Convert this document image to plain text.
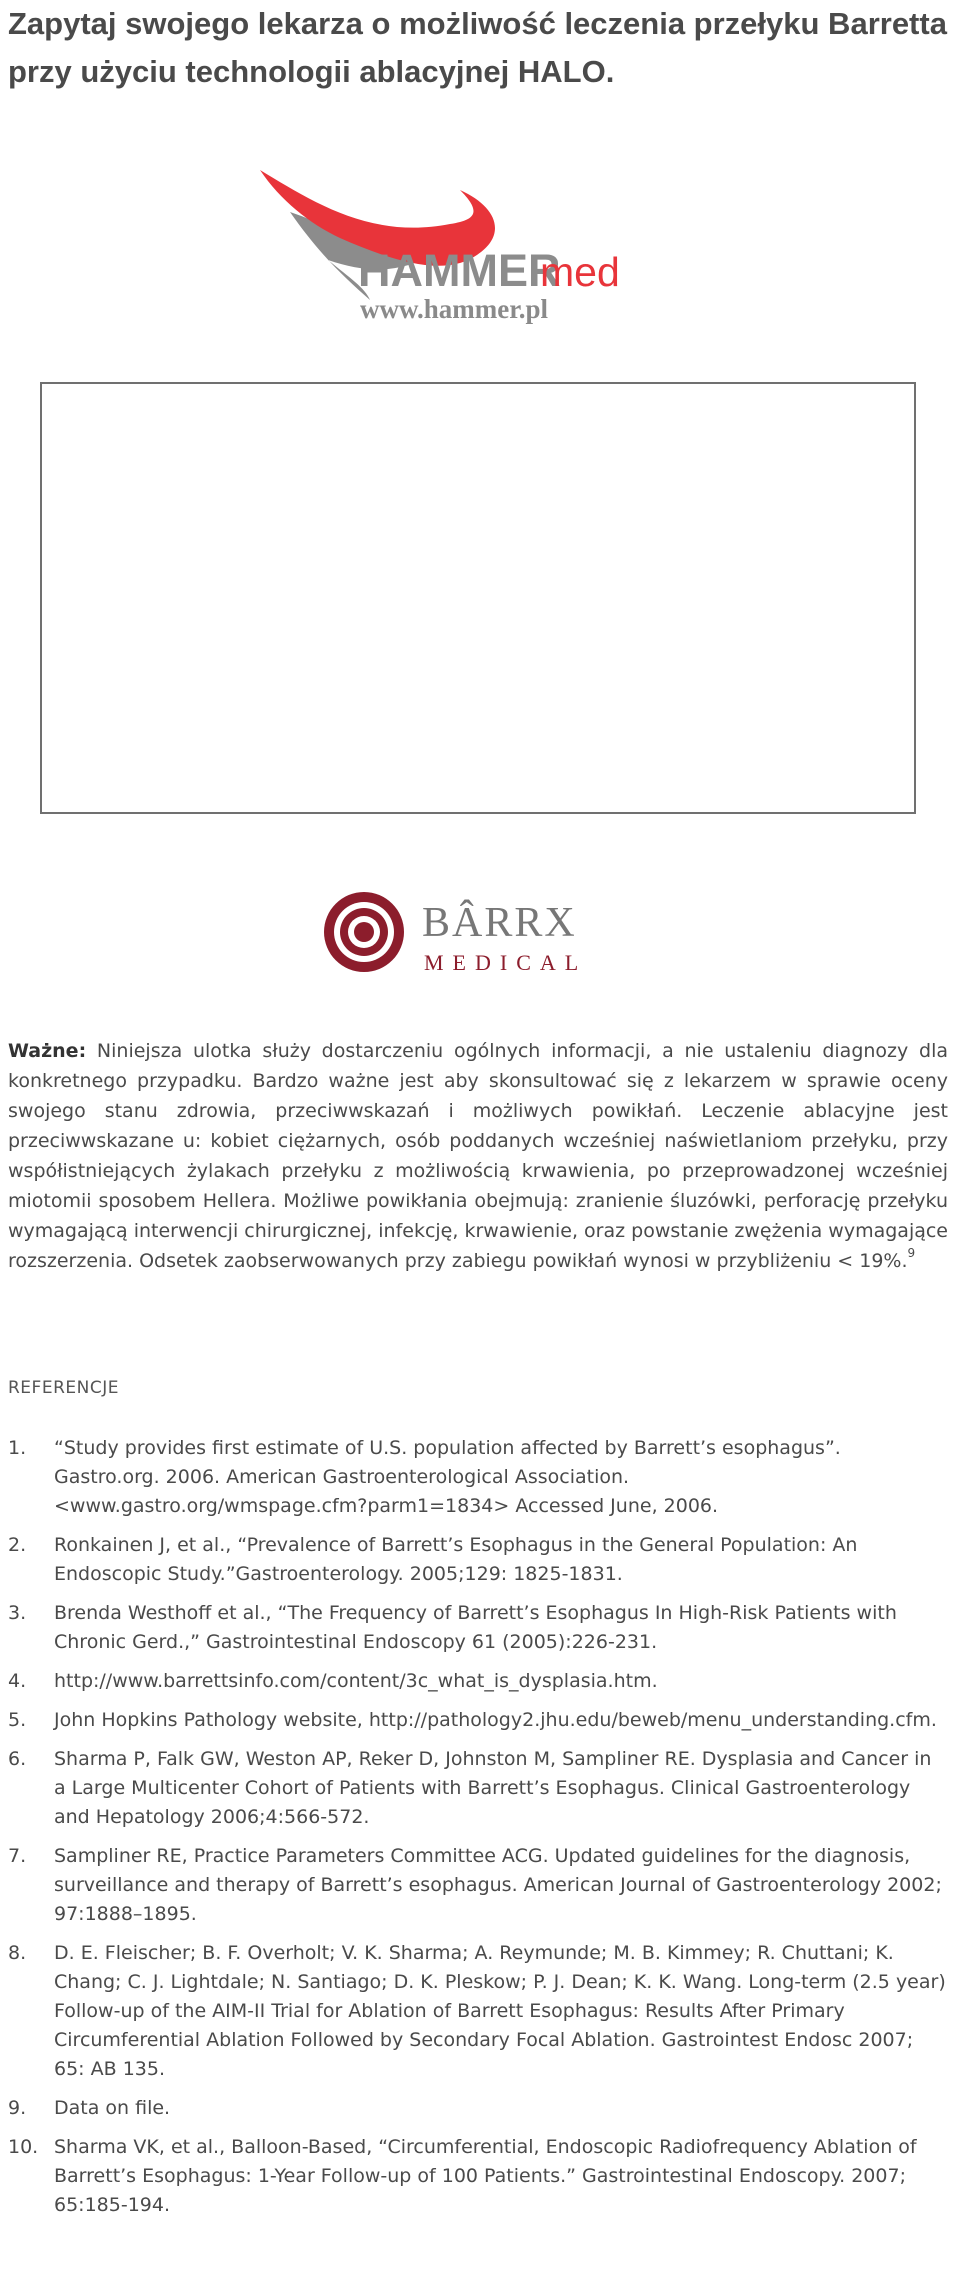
Zapytaj swojego lekarza o możliwość leczenia przełyku Barretta przy użyciu technologii ablacyjnej HALO.
HAMMER
med
www.hammer.pl
BÂRRX
MEDICAL

Ważne: Niniejsza ulotka służy dostarczeniu ogólnych informacji, a nie ustaleniu diagnozy dla konkretnego przypadku. Bardzo ważne jest aby skonsultować się z lekarzem w sprawie oceny swojego stanu zdrowia, przeciwwskazań i możliwych powikłań. Leczenie ablacyjne jest przeciwwskazane u: kobiet ciężarnych, osób poddanych wcześniej naświetlaniom przełyku, przy współistniejących żylakach przełyku z możliwością krwawienia, po przeprowadzonej wcześniej miotomii sposobem Hellera. Możliwe powikłania obejmują: zranienie śluzówki, perforację przełyku wymagającą interwencji chirurgicznej, infekcję, krwawienie, oraz powstanie zwężenia wymagające rozszerzenia. Odsetek zaobserwowanych przy zabiegu powikłań wynosi w przybliżeniu < 19%.$^9$

REFERENCJE
1. “Study provides first estimate of U.S. population affected by Barrett’s esophagus”. Gastro.org. 2006. American Gastroenterological Association. <www.gastro.org/wmspage.cfm?parm1=1834> Accessed June, 2006.
2. Ronkainen J, et al., “Prevalence of Barrett’s Esophagus in the General Population: An Endoscopic Study.”Gastroenterology. 2005;129: 1825-1831.
3. Brenda Westhoff et al., “The Frequency of Barrett’s Esophagus In High-Risk Patients with Chronic Gerd.,” Gastrointestinal Endoscopy 61 (2005):226-231.
4. http://www.barrettsinfo.com/content/3c_what_is_dysplasia.htm.
5. John Hopkins Pathology website, http://pathology2.jhu.edu/beweb/menu_understanding.cfm.
6. Sharma P, Falk GW, Weston AP, Reker D, Johnston M, Sampliner RE. Dysplasia and Cancer in a Large Multicenter Cohort of Patients with Barrett’s Esophagus. Clinical Gastroenterology and Hepatology 2006;4:566-572.
7. Sampliner RE, Practice Parameters Committee ACG. Updated guidelines for the diagnosis, surveillance and therapy of Barrett’s esophagus. American Journal of Gastroenterology 2002; 97:1888–1895.
8. D. E. Fleischer; B. F. Overholt; V. K. Sharma; A. Reymunde; M. B. Kimmey; R. Chuttani; K. Chang; C. J. Lightdale; N. Santiago; D. K. Pleskow; P. J. Dean; K. K. Wang. Long-term (2.5 year) Follow-up of the AIM-II Trial for Ablation of Barrett Esophagus: Results After Primary Circumferential Ablation Followed by Secondary Focal Ablation. Gastrointest Endosc 2007; 65: AB 135.
9. Data on file.
10. Sharma VK, et al., Balloon-Based, “Circumferential, Endoscopic Radiofrequency Ablation of Barrett’s Esophagus: 1-Year Follow-up of 100 Patients.” Gastrointestinal Endoscopy. 2007; 65:185-194.
